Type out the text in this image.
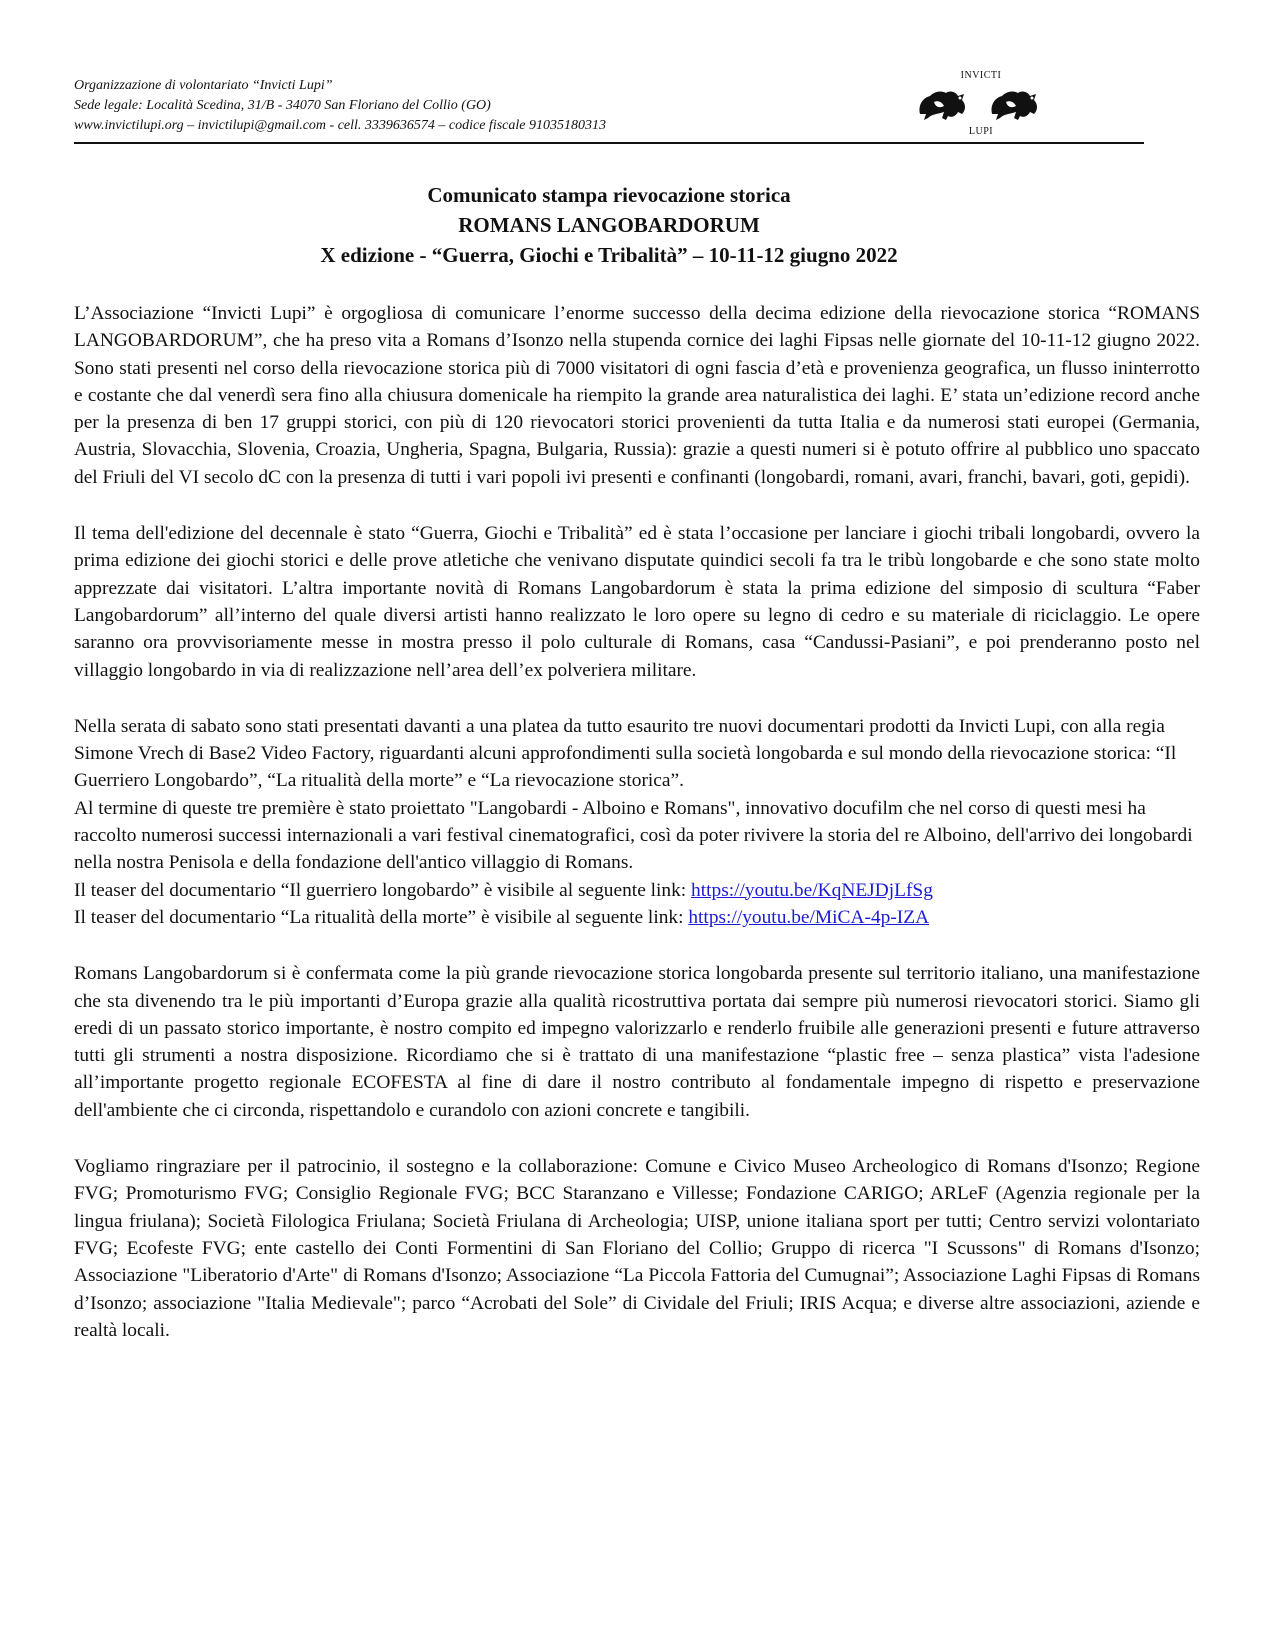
Organizzazione di volontariato “Invicti Lupi”
Sede legale: Località Scedina, 31/B - 34070 San Floriano del Collio (GO)
www.invictilupi.org – invictilupi@gmail.com - cell. 3339636574 – codice fiscale 91035180313
INVICTI
LUPI
Comunicato stampa rievocazione storica
ROMANS LANGOBARDORUM
X edizione - “Guerra, Giochi e Tribalità” – 10-11-12 giugno 2022

L’Associazione “Invicti Lupi” è orgogliosa di comunicare l’enorme successo della decima edizione della rievocazione storica “ROMANS LANGOBARDORUM”, che ha preso vita a Romans d’Isonzo nella stupenda cornice dei laghi Fipsas nelle giornate del 10-11-12 giugno 2022. Sono stati presenti nel corso della rievocazione storica più di 7000 visitatori di ogni fascia d’età e provenienza geografica, un flusso ininterrotto e costante che dal venerdì sera fino alla chiusura domenicale ha riempito la grande area naturalistica dei laghi. E’ stata un’edizione record anche per la presenza di ben 17 gruppi storici, con più di 120 rievocatori storici provenienti da tutta Italia e da numerosi stati europei (Germania, Austria, Slovacchia, Slovenia, Croazia, Ungheria, Spagna, Bulgaria, Russia): grazie a questi numeri si è potuto offrire al pubblico uno spaccato del Friuli del VI secolo dC con la presenza di tutti i vari popoli ivi presenti e confinanti (longobardi, romani, avari, franchi, bavari, goti, gepidi).

Il tema dell'edizione del decennale è stato “Guerra, Giochi e Tribalità” ed è stata l’occasione per lanciare i giochi tribali longobardi, ovvero la prima edizione dei giochi storici e delle prove atletiche che venivano disputate quindici secoli fa tra le tribù longobarde e che sono state molto apprezzate dai visitatori. L’altra importante novità di Romans Langobardorum è stata la prima edizione del simposio di scultura “Faber Langobardorum” all’interno del quale diversi artisti hanno realizzato le loro opere su legno di cedro e su materiale di riciclaggio. Le opere saranno ora provvisoriamente messe in mostra presso il polo culturale di Romans, casa “Candussi-Pasiani”, e poi prenderanno posto nel villaggio longobardo in via di realizzazione nell’area dell’ex polveriera militare.

Nella serata di sabato sono stati presentati davanti a una platea da tutto esaurito tre nuovi documentari prodotti da Invicti Lupi, con alla regia Simone Vrech di Base2 Video Factory, riguardanti alcuni approfondimenti sulla società longobarda e sul mondo della rievocazione storica: “Il Guerriero Longobardo”, “La ritualità della morte” e “La rievocazione storica”.
Al termine di queste tre première è stato proiettato "Langobardi - Alboino e Romans", innovativo docufilm che nel corso di questi mesi ha raccolto numerosi successi internazionali a vari festival cinematografici, così da poter rivivere la storia del re Alboino, dell'arrivo dei longobardi nella nostra Penisola e della fondazione dell'antico villaggio di Romans.
Il teaser del documentario “Il guerriero longobardo” è visibile al seguente link: https://youtu.be/KqNEJDjLfSg
Il teaser del documentario “La ritualità della morte” è visibile al seguente link: https://youtu.be/MiCA-4p-IZA

Romans Langobardorum si è confermata come la più grande rievocazione storica longobarda presente sul territorio italiano, una manifestazione che sta divenendo tra le più importanti d’Europa grazie alla qualità ricostruttiva portata dai sempre più numerosi rievocatori storici. Siamo gli eredi di un passato storico importante, è nostro compito ed impegno valorizzarlo e renderlo fruibile alle generazioni presenti e future attraverso tutti gli strumenti a nostra disposizione. Ricordiamo che si è trattato di una manifestazione “plastic free – senza plastica” vista l'adesione all’importante progetto regionale ECOFESTA al fine di dare il nostro contributo al fondamentale impegno di rispetto e preservazione dell'ambiente che ci circonda, rispettandolo e curandolo con azioni concrete e tangibili.

Vogliamo ringraziare per il patrocinio, il sostegno e la collaborazione: Comune e Civico Museo Archeologico di Romans d'Isonzo; Regione FVG; Promoturismo FVG; Consiglio Regionale FVG; BCC Staranzano e Villesse; Fondazione CARIGO; ARLeF (Agenzia regionale per la lingua friulana); Società Filologica Friulana; Società Friulana di Archeologia; UISP, unione italiana sport per tutti; Centro servizi volontariato FVG; Ecofeste FVG; ente castello dei Conti Formentini di San Floriano del Collio; Gruppo di ricerca "I Scussons" di Romans d'Isonzo; Associazione "Liberatorio d'Arte" di Romans d'Isonzo; Associazione “La Piccola Fattoria del Cumugnai”; Associazione Laghi Fipsas di Romans d’Isonzo; associazione "Italia Medievale"; parco “Acrobati del Sole” di Cividale del Friuli; IRIS Acqua; e diverse altre associazioni, aziende e realtà locali.
